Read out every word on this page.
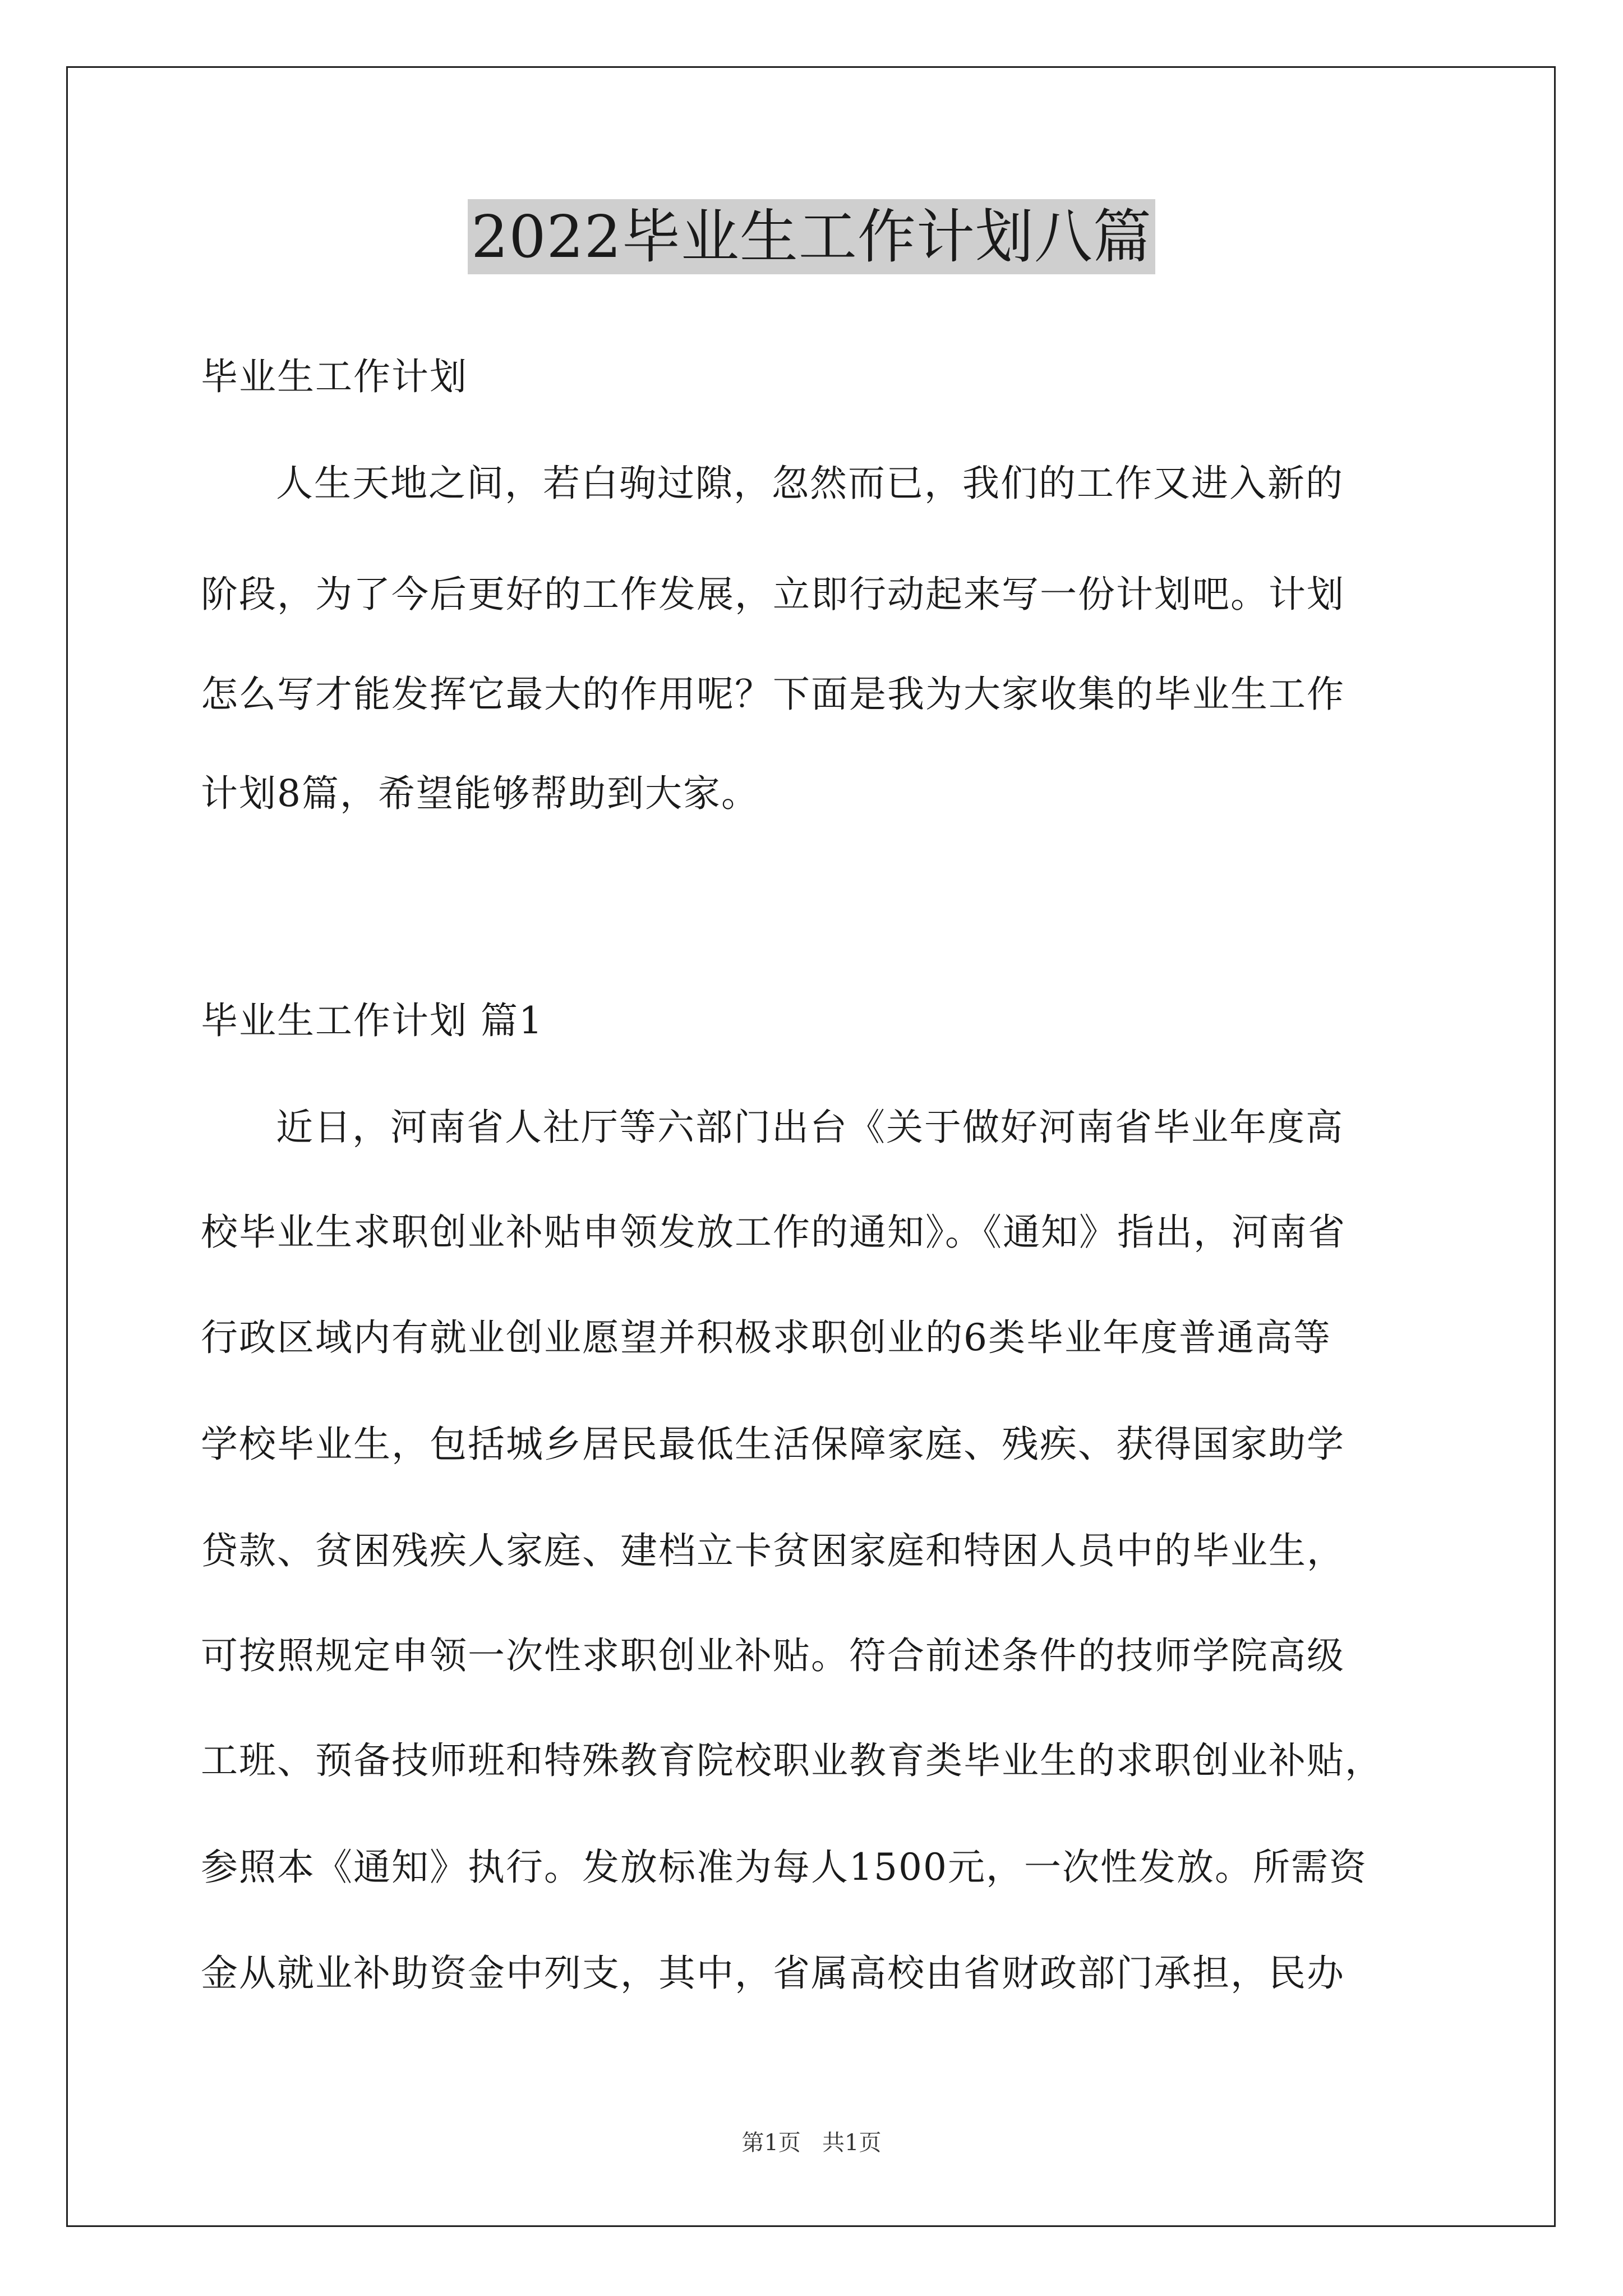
2022毕业生工作计划八篇
毕业生工作计划
人生天地之间，若白驹过隙，忽然而已，我们的工作又进入新的
阶段，为了今后更好的工作发展，立即行动起来写一份计划吧。计划
怎么写才能发挥它最大的作用呢？下面是我为大家收集的毕业生工作
计划8篇，希望能够帮助到大家。
毕业生工作计划 篇1
近日，河南省人社厅等六部门出台《关于做好河南省毕业年度高
校毕业生求职创业补贴申领发放工作的通知》。《通知》指出，河南省
行政区域内有就业创业愿望并积极求职创业的6类毕业年度普通高等
学校毕业生，包括城乡居民最低生活保障家庭、残疾、获得国家助学
贷款、贫困残疾人家庭、建档立卡贫困家庭和特困人员中的毕业生，
可按照规定申领一次性求职创业补贴。符合前述条件的技师学院高级
工班、预备技师班和特殊教育院校职业教育类毕业生的求职创业补贴，
参照本《通知》执行。发放标准为每人1500元，一次性发放。所需资
金从就业补助资金中列支，其中，省属高校由省财政部门承担，民办
第1页   共1页
